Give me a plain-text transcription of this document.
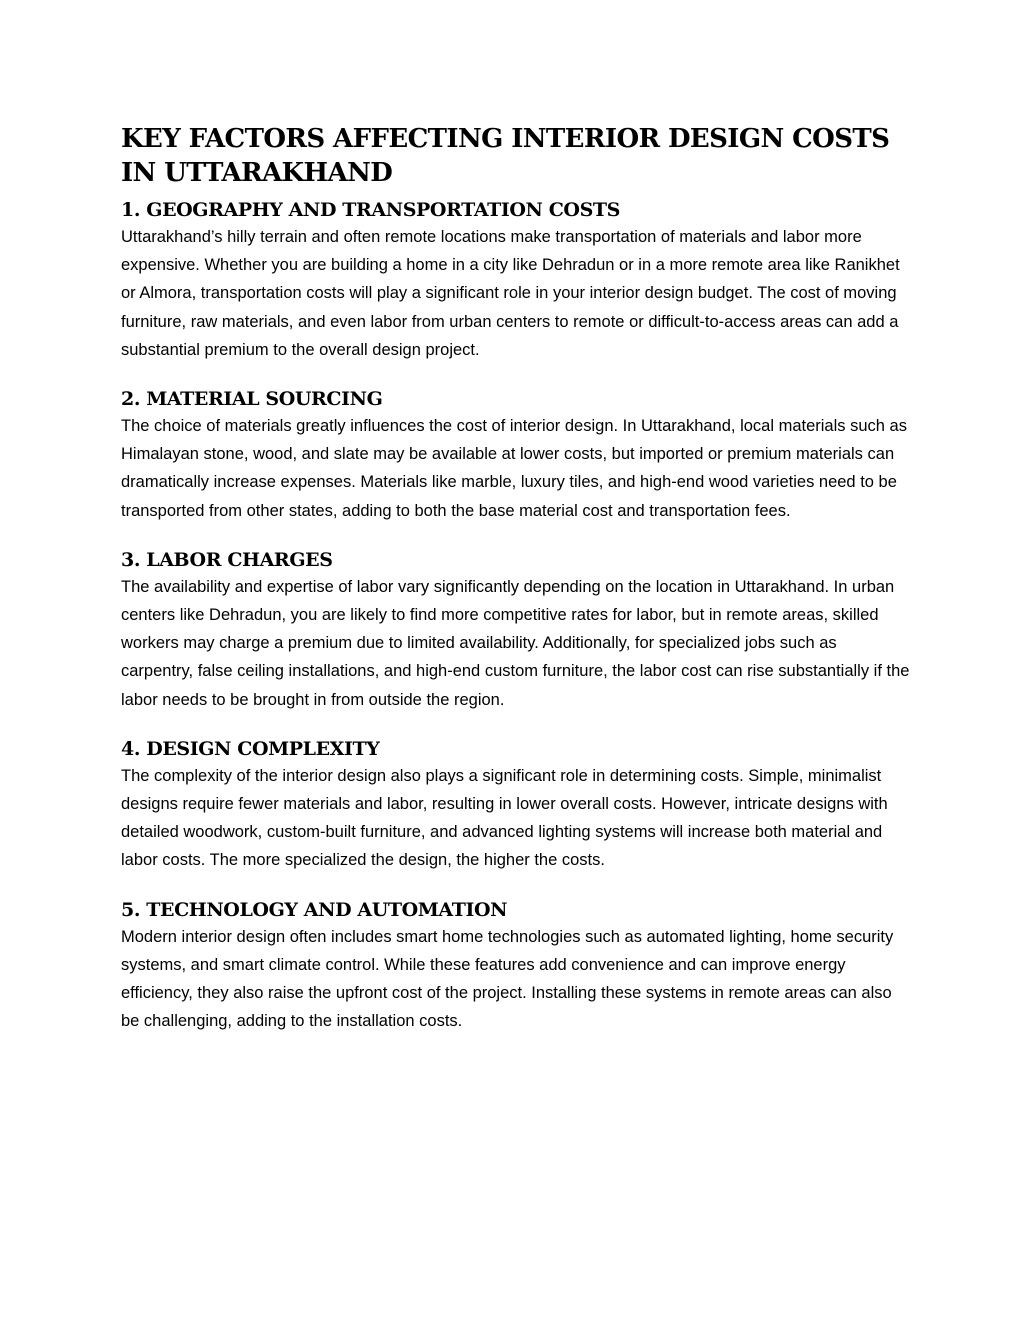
KEY FACTORS AFFECTING INTERIOR DESIGN COSTS IN UTTARAKHAND
1. GEOGRAPHY AND TRANSPORTATION COSTS

Uttarakhand’s hilly terrain and often remote locations make transportation of materials and labor more expensive. Whether you are building a home in a city like Dehradun or in a more remote area like Ranikhet or Almora, transportation costs will play a significant role in your interior design budget. The cost of moving furniture, raw materials, and even labor from urban centers to remote or difficult-to-access areas can add a substantial premium to the overall design project.

2. MATERIAL SOURCING

The choice of materials greatly influences the cost of interior design. In Uttarakhand, local materials such as Himalayan stone, wood, and slate may be available at lower costs, but imported or premium materials can dramatically increase expenses. Materials like marble, luxury tiles, and high-end wood varieties need to be transported from other states, adding to both the base material cost and transportation fees.

3. LABOR CHARGES

The availability and expertise of labor vary significantly depending on the location in Uttarakhand. In urban centers like Dehradun, you are likely to find more competitive rates for labor, but in remote areas, skilled workers may charge a premium due to limited availability. Additionally, for specialized jobs such as carpentry, false ceiling installations, and high-end custom furniture, the labor cost can rise substantially if the labor needs to be brought in from outside the region.

4. DESIGN COMPLEXITY

The complexity of the interior design also plays a significant role in determining costs. Simple, minimalist designs require fewer materials and labor, resulting in lower overall costs. However, intricate designs with detailed woodwork, custom-built furniture, and advanced lighting systems will increase both material and labor costs. The more specialized the design, the higher the costs.

5. TECHNOLOGY AND AUTOMATION

Modern interior design often includes smart home technologies such as automated lighting, home security systems, and smart climate control. While these features add convenience and can improve energy efficiency, they also raise the upfront cost of the project. Installing these systems in remote areas can also be challenging, adding to the installation costs.
